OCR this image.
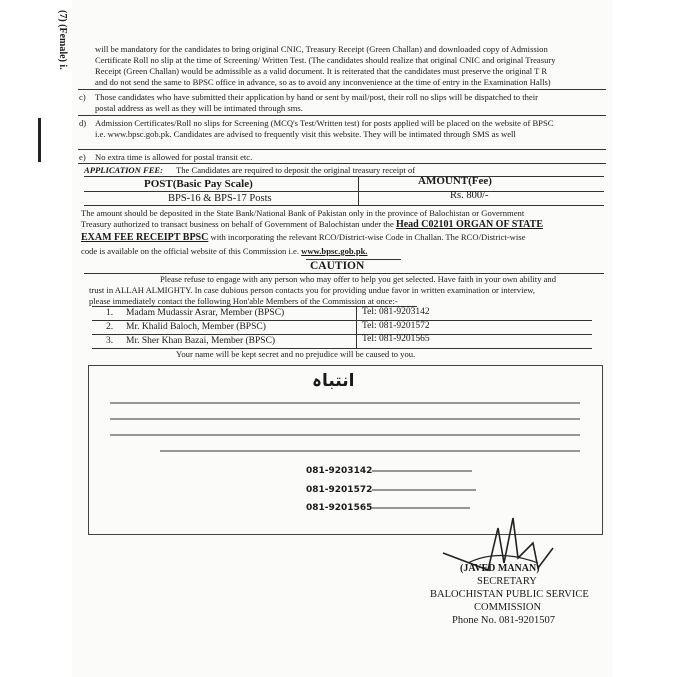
(7) (Female) i.	will be mandatory for the candidates to bring original CNIC, Treasury Receipt (Green Challan) and downloaded copy of Admission
Certificate Roll no slip at the time of Screening/ Written Test. (The candidates should realize that original CNIC and original Treasury
Receipt (Green Challan) would be admissible as a valid document. It is reiterated that the candidates must preserve the original T R
and do not send the same to BPSC office in advance, so as to avoid any inconvenience at the time of entry in the Examination Halls)
c) Those candidates who have submitted their application by hand or sent by mail/post, their roll no slips will be dispatched to their
postal address as well as they will be intimated through sms.
d) Admission Certificates/Roll no slips for Screening (MCQ's Test/Written test) for posts applied will be placed on the website of BPSC
i.e. www.bpsc.gob.pk. Candidates are advised to frequently visit this website. They will be intimated through SMS as well
e) No extra time is allowed for postal transit etc.
APPLICATION FEE: The Candidates are required to deposit the original treasury receipt of
POST(Basic Pay Scale)	AMOUNT(Fee)
BPS-16 & BPS-17 Posts	Rs. 800/-
The amount should be deposited in the State Bank/National Bank of Pakistan only in the province of Balochistan or Government
Treasury authorized to transact business on behalf of Government of Balochistan under the Head C02101 ORGAN OF STATE
EXAM FEE RECEIPT BPSC with incorporating the relevant RCO/District-wise Code in Challan. The RCO/District-wise
code is available on the official website of this Commission i.e. www.bpsc.gob.pk.
CAUTION
Please refuse to engage with any person who may offer to help you get selected. Have faith in your own ability and
trust in ALLAH ALMIGHTY. In case dubious person contacts you for providing undue favor in written examination or interview,
please immediately contact the following Hon'able Members of the Commission at once:-
1. Madam Mudassir Asrar, Member (BPSC)	Tel: 081-9203142
2. Mr. Khalid Baloch, Member (BPSC)	Tel: 081-9201572
3. Mr. Sher Khan Bazai, Member (BPSC)	Tel: 081-9201565
Your name will be kept secret and no prejudice will be caused to you.
انتباہ
081-9203142
081-9201572
081-9201565
(JAVED MANAN)
SECRETARY
BALOCHISTAN PUBLIC SERVICE
COMMISSION
Phone No. 081-9201507
